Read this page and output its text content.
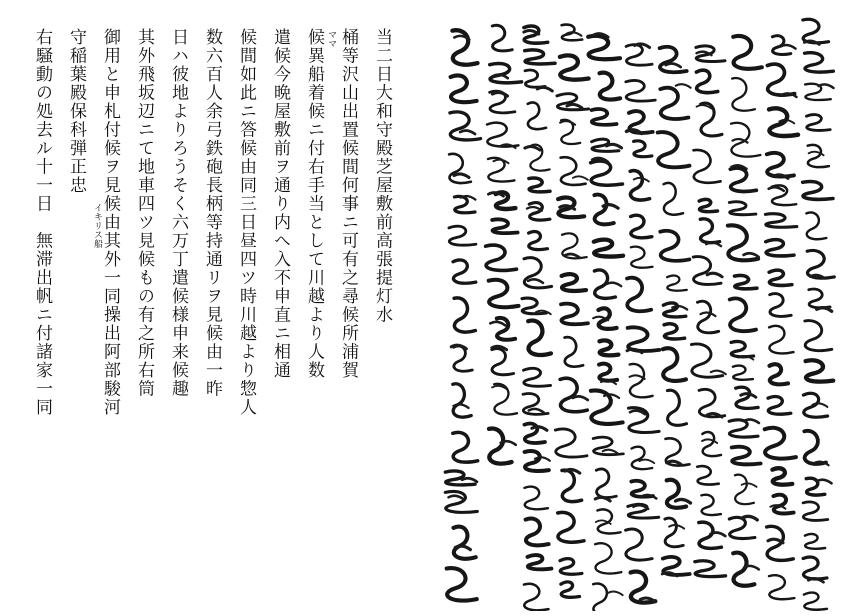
当二日大和守殿芝屋敷前高張提灯水
桶等沢山出置候間何事ニ可有之尋候所浦賀
候異船着候ニ付右手当として川越より人数
遣候今晩屋敷前ヲ通り内へ入不申直ニ相通
候間如此ニ答候由同三日昼四ツ時川越より惣人
数六百人余弓鉄砲長柄等持通リヲ見候由一昨
日ハ彼地よりろうそく六万丁遣候様申来候趣
其外飛坂辺ニて地車四ツ見候もの有之所右筒
御用と申札付候ヲ見候由其外一同操出阿部駿河
守稲葉殿保科弾正忠
右騒動の処去ル十一日　無滞出帆ニ付諸家一同	ママ
イキリス船
